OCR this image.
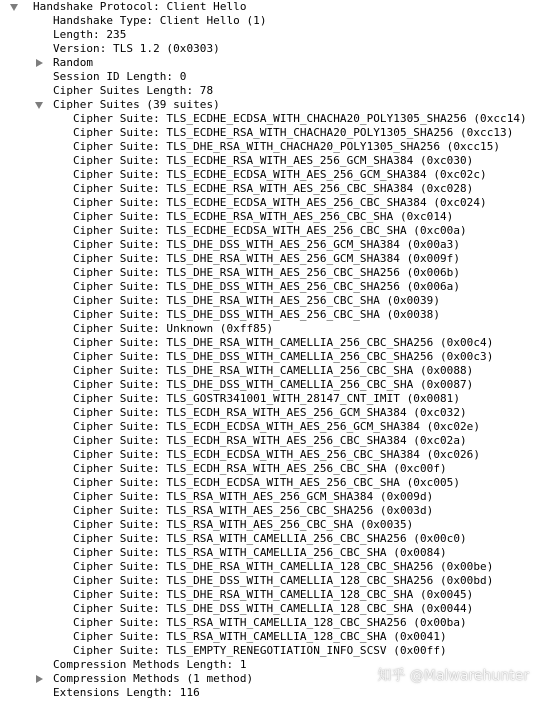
Handshake Protocol: Client Hello
Handshake Type: Client Hello (1)
Length: 235
Version: TLS 1.2 (0x0303)
Random
Session ID Length: 0
Cipher Suites Length: 78
Cipher Suites (39 suites)
Cipher Suite: TLS_ECDHE_ECDSA_WITH_CHACHA20_POLY1305_SHA256 (0xcc14)
Cipher Suite: TLS_ECDHE_RSA_WITH_CHACHA20_POLY1305_SHA256 (0xcc13)
Cipher Suite: TLS_DHE_RSA_WITH_CHACHA20_POLY1305_SHA256 (0xcc15)
Cipher Suite: TLS_ECDHE_RSA_WITH_AES_256_GCM_SHA384 (0xc030)
Cipher Suite: TLS_ECDHE_ECDSA_WITH_AES_256_GCM_SHA384 (0xc02c)
Cipher Suite: TLS_ECDHE_RSA_WITH_AES_256_CBC_SHA384 (0xc028)
Cipher Suite: TLS_ECDHE_ECDSA_WITH_AES_256_CBC_SHA384 (0xc024)
Cipher Suite: TLS_ECDHE_RSA_WITH_AES_256_CBC_SHA (0xc014)
Cipher Suite: TLS_ECDHE_ECDSA_WITH_AES_256_CBC_SHA (0xc00a)
Cipher Suite: TLS_DHE_DSS_WITH_AES_256_GCM_SHA384 (0x00a3)
Cipher Suite: TLS_DHE_RSA_WITH_AES_256_GCM_SHA384 (0x009f)
Cipher Suite: TLS_DHE_RSA_WITH_AES_256_CBC_SHA256 (0x006b)
Cipher Suite: TLS_DHE_DSS_WITH_AES_256_CBC_SHA256 (0x006a)
Cipher Suite: TLS_DHE_RSA_WITH_AES_256_CBC_SHA (0x0039)
Cipher Suite: TLS_DHE_DSS_WITH_AES_256_CBC_SHA (0x0038)
Cipher Suite: Unknown (0xff85)
Cipher Suite: TLS_DHE_RSA_WITH_CAMELLIA_256_CBC_SHA256 (0x00c4)
Cipher Suite: TLS_DHE_DSS_WITH_CAMELLIA_256_CBC_SHA256 (0x00c3)
Cipher Suite: TLS_DHE_RSA_WITH_CAMELLIA_256_CBC_SHA (0x0088)
Cipher Suite: TLS_DHE_DSS_WITH_CAMELLIA_256_CBC_SHA (0x0087)
Cipher Suite: TLS_GOSTR341001_WITH_28147_CNT_IMIT (0x0081)
Cipher Suite: TLS_ECDH_RSA_WITH_AES_256_GCM_SHA384 (0xc032)
Cipher Suite: TLS_ECDH_ECDSA_WITH_AES_256_GCM_SHA384 (0xc02e)
Cipher Suite: TLS_ECDH_RSA_WITH_AES_256_CBC_SHA384 (0xc02a)
Cipher Suite: TLS_ECDH_ECDSA_WITH_AES_256_CBC_SHA384 (0xc026)
Cipher Suite: TLS_ECDH_RSA_WITH_AES_256_CBC_SHA (0xc00f)
Cipher Suite: TLS_ECDH_ECDSA_WITH_AES_256_CBC_SHA (0xc005)
Cipher Suite: TLS_RSA_WITH_AES_256_GCM_SHA384 (0x009d)
Cipher Suite: TLS_RSA_WITH_AES_256_CBC_SHA256 (0x003d)
Cipher Suite: TLS_RSA_WITH_AES_256_CBC_SHA (0x0035)
Cipher Suite: TLS_RSA_WITH_CAMELLIA_256_CBC_SHA256 (0x00c0)
Cipher Suite: TLS_RSA_WITH_CAMELLIA_256_CBC_SHA (0x0084)
Cipher Suite: TLS_DHE_RSA_WITH_CAMELLIA_128_CBC_SHA256 (0x00be)
Cipher Suite: TLS_DHE_DSS_WITH_CAMELLIA_128_CBC_SHA256 (0x00bd)
Cipher Suite: TLS_DHE_RSA_WITH_CAMELLIA_128_CBC_SHA (0x0045)
Cipher Suite: TLS_DHE_DSS_WITH_CAMELLIA_128_CBC_SHA (0x0044)
Cipher Suite: TLS_RSA_WITH_CAMELLIA_128_CBC_SHA256 (0x00ba)
Cipher Suite: TLS_RSA_WITH_CAMELLIA_128_CBC_SHA (0x0041)
Cipher Suite: TLS_EMPTY_RENEGOTIATION_INFO_SCSV (0x00ff)
Compression Methods Length: 1
Compression Methods (1 method)
Extensions Length: 116
知乎 @Malwarehunter
